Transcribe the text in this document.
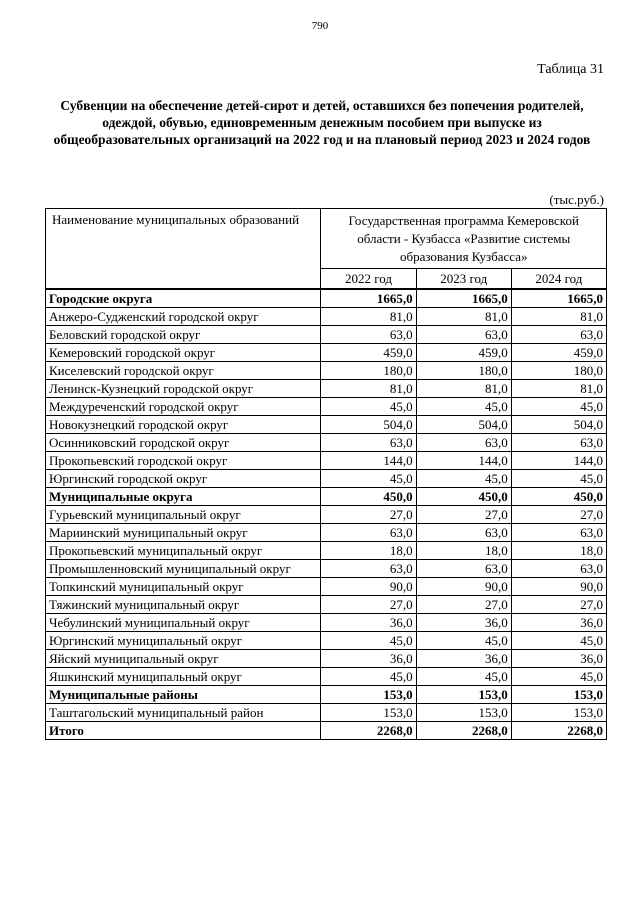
790
Таблица 31
Субвенции на обеспечение детей-сирот и детей, оставшихся без попечения родителей, одеждой, обувью, единовременным денежным пособием при выпуске из общеобразовательных организаций на 2022 год и на плановый период 2023 и 2024 годов
(тыс.руб.)
Наименование муниципальных образований	Государственная программа Кемеровской области - Кузбасса «Развитие системы образования Кузбасса»		
	2022 год	2023 год	2024 год
Городские округа	1665,0	1665,0	1665,0
Анжеро-Судженский городской округ	81,0	81,0	81,0
Беловский городской округ	63,0	63,0	63,0
Кемеровский городской округ	459,0	459,0	459,0
Киселевский городской округ	180,0	180,0	180,0
Ленинск-Кузнецкий городской округ	81,0	81,0	81,0
Междуреченский городской округ	45,0	45,0	45,0
Новокузнецкий городской округ	504,0	504,0	504,0
Осинниковский городской округ	63,0	63,0	63,0
Прокопьевский городской округ	144,0	144,0	144,0
Юргинский городской округ	45,0	45,0	45,0
Муниципальные округа	450,0	450,0	450,0
Гурьевский муниципальный округ	27,0	27,0	27,0
Мариинский муниципальный округ	63,0	63,0	63,0
Прокопьевский муниципальный округ	18,0	18,0	18,0
Промышленновский муниципальный округ	63,0	63,0	63,0
Топкинский муниципальный округ	90,0	90,0	90,0
Тяжинский муниципальный округ	27,0	27,0	27,0
Чебулинский муниципальный округ	36,0	36,0	36,0
Юргинский муниципальный округ	45,0	45,0	45,0
Яйский муниципальный округ	36,0	36,0	36,0
Яшкинский муниципальный округ	45,0	45,0	45,0
Муниципальные районы	153,0	153,0	153,0
Таштагольский муниципальный район	153,0	153,0	153,0
Итого	2268,0	2268,0	2268,0
